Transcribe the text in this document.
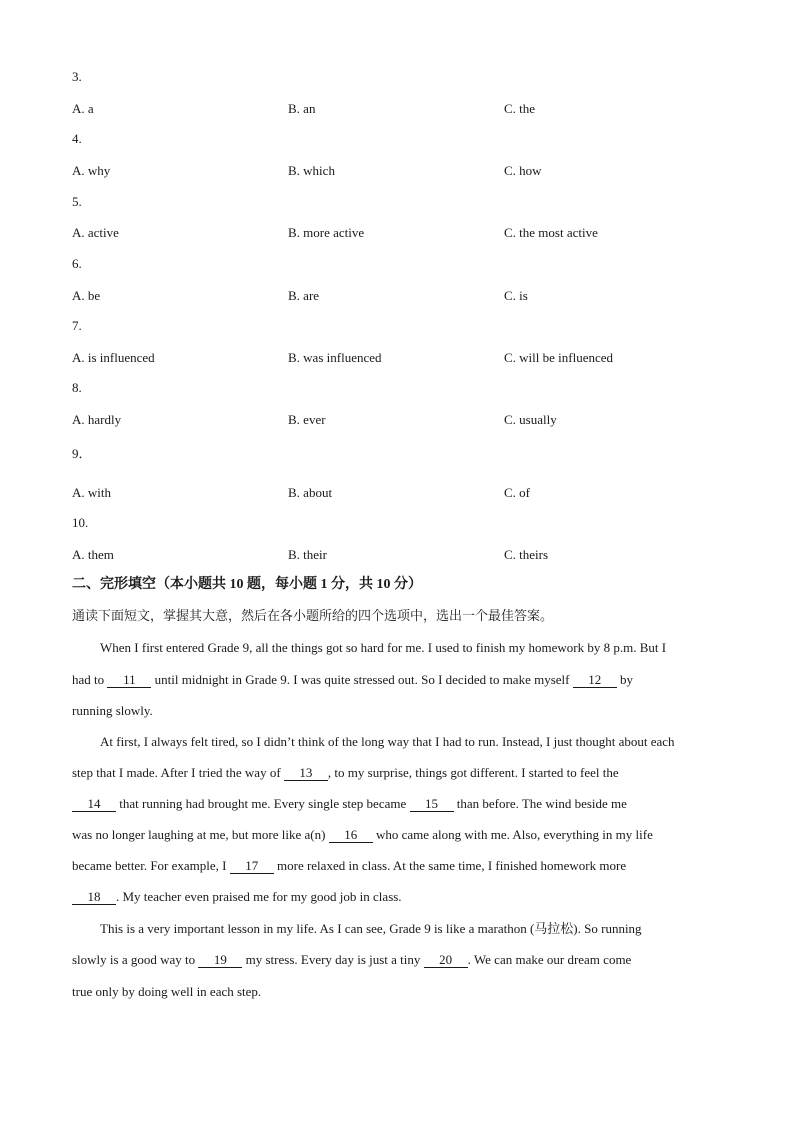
3.
A. a	B. an	C. the
4.
A. why	B. which	C. how
5.
A. active	B. more active	C. the most active
6.
A. be	B. are	C. is
7.
A. is influenced	B. was influenced	C. will be influenced
8.
A. hardly	B. ever	C. usually
9．
A. with	B. about	C. of
10.
A. them	B. their	C. theirs
二、完形填空（本小题共 10 题，每小题 1 分，共 10 分）
通读下面短文，掌握其大意，然后在各小题所给的四个选项中，选出一个最佳答案。
When I first entered Grade 9, all the things got so hard for me. I used to finish my homework by 8 p.m. But I
had to 11 until midnight in Grade 9. I was quite stressed out. So I decided to make myself 12 by
running slowly.
At first, I always felt tired, so I didn’t think of the long way that I had to run. Instead, I just thought about each
step that I made. After I tried the way of 13 , to my surprise, things got different. I started to feel the
14 that running had brought me. Every single step became 15 than before. The wind beside me
was no longer laughing at me, but more like a(n) 16 who came along with me. Also, everything in my life
became better. For example, I 17 more relaxed in class. At the same time, I finished homework more
18 . My teacher even praised me for my good job in class.
This is a very important lesson in my life. As I can see, Grade 9 is like a marathon (马拉松). So running
slowly is a good way to 19 my stress. Every day is just a tiny 20 . We can make our dream come
true only by doing well in each step.
